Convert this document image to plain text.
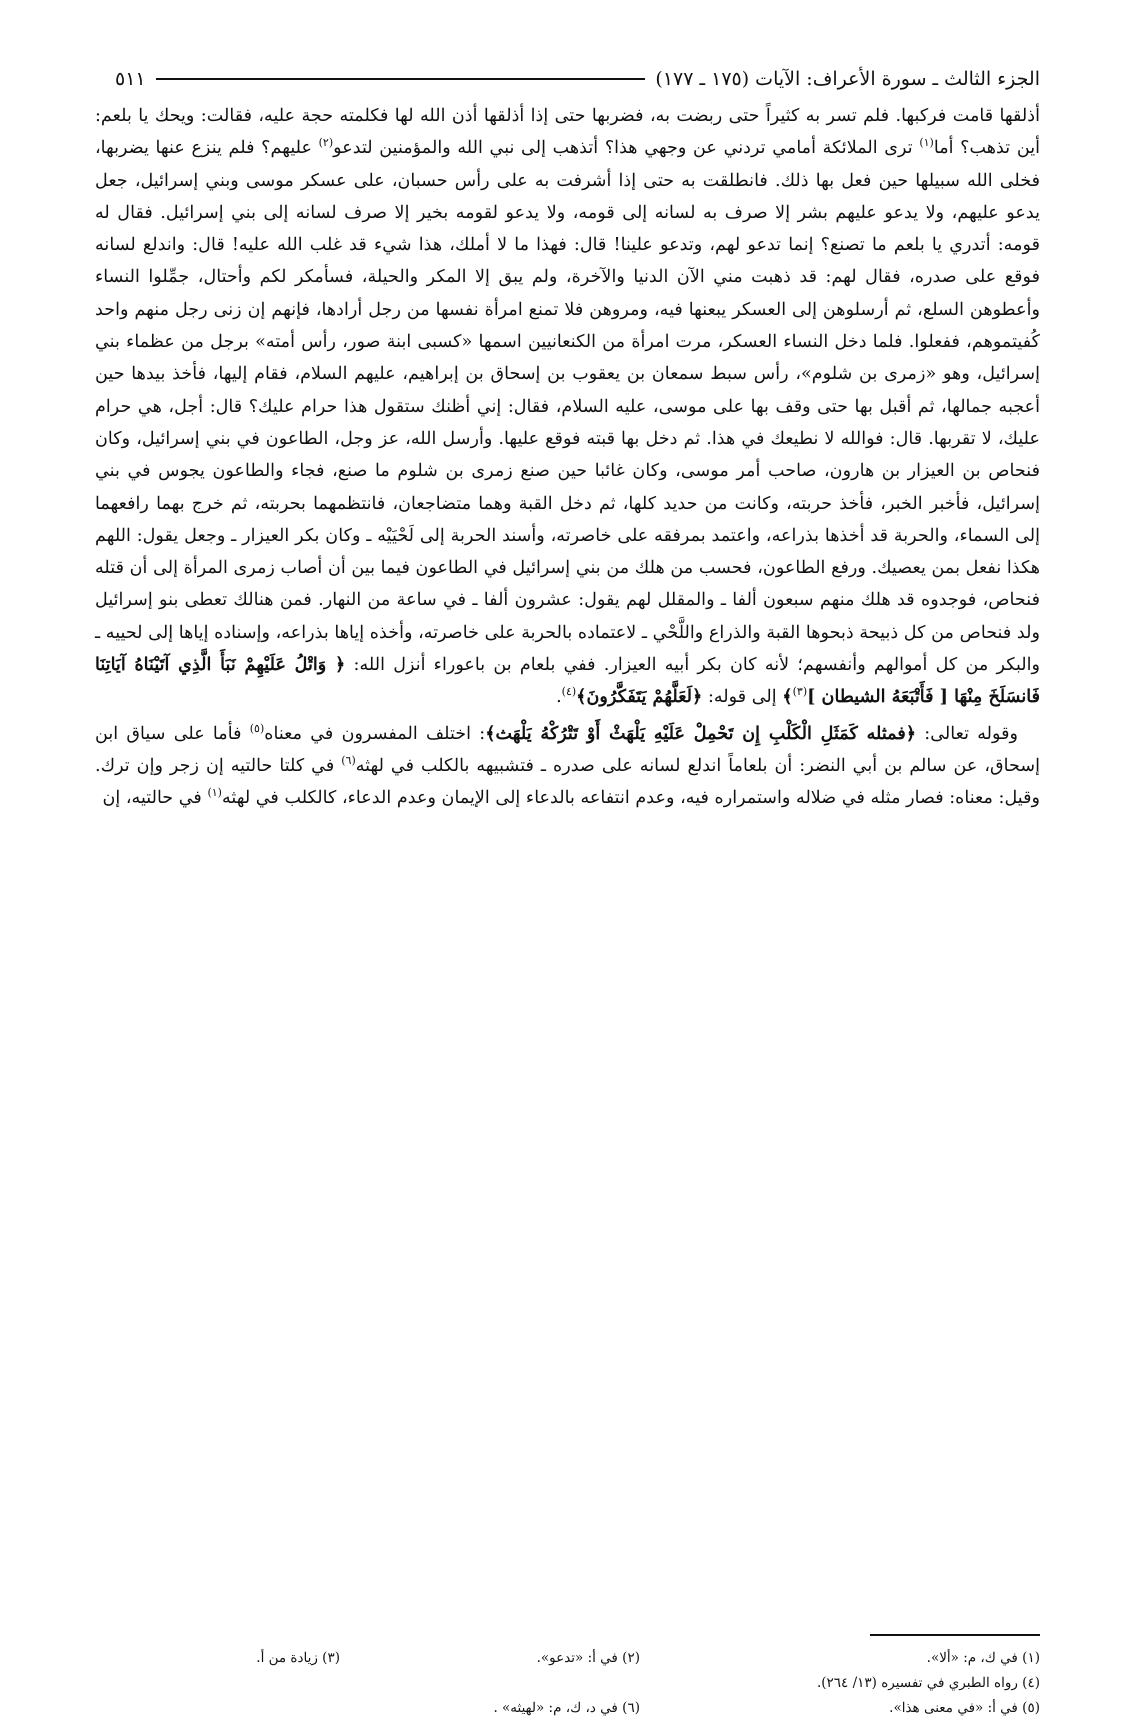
الجزء الثالث ـ سورة الأعراف: الآيات (١٧٥ ـ ١٧٧)
٥١١

أذلقها قامت فركبها. فلم تسر به كثيراً حتى ربضت به، فضربها حتى إذا أذلقها أذن الله لها فكلمته حجة عليه، فقالت: ويحك يا بلعم: أين تذهب؟ أما$^{(١)}$ ترى الملائكة أمامي تردني عن وجهي هذا؟ أتذهب إلى نبي الله والمؤمنين لتدعو$^{(٢)}$ عليهم؟ فلم ينزع عنها يضربها، فخلى الله سبيلها حين فعل بها ذلك. فانطلقت به حتى إذا أشرفت به على رأس حسبان، على عسكر موسى وبني إسرائيل، جعل يدعو عليهم، ولا يدعو عليهم بشر إلا صرف به لسانه إلى قومه، ولا يدعو لقومه بخير إلا صرف لسانه إلى بني إسرائيل. فقال له قومه: أتدري يا بلعم ما تصنع؟ إنما تدعو لهم، وتدعو علينا! قال: فهذا ما لا أملك، هذا شيء قد غلب الله عليه! قال: واندلع لسانه فوقع على صدره، فقال لهم: قد ذهبت مني الآن الدنيا والآخرة، ولم يبق إلا المكر والحيلة، فسأمكر لكم وأحتال، جمِّلوا النساء وأعطوهن السلع، ثم أرسلوهن إلى العسكر يبعنها فيه، ومروهن فلا تمنع امرأة نفسها من رجل أرادها، فإنهم إن زنى رجل منهم واحد كُفيتموهم، ففعلوا. فلما دخل النساء العسكر، مرت امرأة من الكنعانيين اسمها «كسبى ابنة صور، رأس أمته» برجل من عظماء بني إسرائيل، وهو «زمرى بن شلوم»، رأس سبط سمعان بن يعقوب بن إسحاق بن إبراهيم، عليهم السلام، فقام إليها، فأخذ بيدها حين أعجبه جمالها، ثم أقبل بها حتى وقف بها على موسى، عليه السلام، فقال: إني أظنك ستقول هذا حرام عليك؟ قال: أجل، هي حرام عليك، لا تقربها. قال: فوالله لا نطيعك في هذا. ثم دخل بها قبته فوقع عليها. وأرسل الله، عز وجل، الطاعون في بني إسرائيل، وكان فنحاص بن العيزار بن هارون، صاحب أمر موسى، وكان غائبا حين صنع زمرى بن شلوم ما صنع، فجاء والطاعون يجوس في بني إسرائيل، فأخبر الخبر، فأخذ حربته، وكانت من حديد كلها، ثم دخل القبة وهما متضاجعان، فانتظمهما بحربته، ثم خرج بهما رافعهما إلى السماء، والحربة قد أخذها بذراعه، واعتمد بمرفقه على خاصرته، وأسند الحربة إلى لَحْيَيْه ـ وكان بكر العيزار ـ وجعل يقول: اللهم هكذا نفعل بمن يعصيك. ورفع الطاعون، فحسب من هلك من بني إسرائيل في الطاعون فيما بين أن أصاب زمرى المرأة إلى أن قتله فنحاص، فوجدوه قد هلك منهم سبعون ألفا ـ والمقلل لهم يقول: عشرون ألفا ـ في ساعة من النهار. فمن هنالك تعطى بنو إسرائيل ولد فنحاص من كل ذبيحة ذبحوها القبة والذراع واللَّحْي ـ لاعتماده بالحربة على خاصرته، وأخذه إياها بذراعه، وإسناده إياها إلى لحييه ـ والبكر من كل أموالهم وأنفسهم؛ لأنه كان بكر أبيه العيزار. ففي بلعام بن باعوراء أنزل الله: ﴿ وَاتْلُ عَلَيْهِمْ نَبَأَ الَّذِي آتَيْنَاهُ آيَاتِنَا فَانسَلَخَ مِنْهَا [ فَأَتْبَعَهُ الشيطان ]$^{(٣)}$﴾ إلى قوله: ﴿لَعَلَّهُمْ يَتَفَكَّرُونَ﴾$^{(٤)}$.

وقوله تعالى: ﴿فمثله كَمَثَلِ الْكَلْبِ إِن تَحْمِلْ عَلَيْهِ يَلْهَثْ أَوْ تَتْرُكْهُ يَلْهَث﴾: اختلف المفسرون في معناه$^{(٥)}$ فأما على سياق ابن إسحاق، عن سالم بن أبي النضر: أن بلعاماً اندلع لسانه على صدره ـ فتشبيهه بالكلب في لهثه$^{(٦)}$ في كلتا حالتيه إن زجر وإن ترك. وقيل: معناه: فصار مثله في ضلاله واستمراره فيه، وعدم انتفاعه بالدعاء إلى الإيمان وعدم الدعاء، كالكلب في لهثه$^{(١)}$ في حالتيه، إن

(١) في ك، م: «ألا».
(٢) في أ: «تدعو».
(٣) زيادة من أ.
(٤) رواه الطبري في تفسيره (١٣/ ٢٦٤).
(٥) في أ: «في معنى هذا».
(٦) في د، ك، م: «لهيثه» .
